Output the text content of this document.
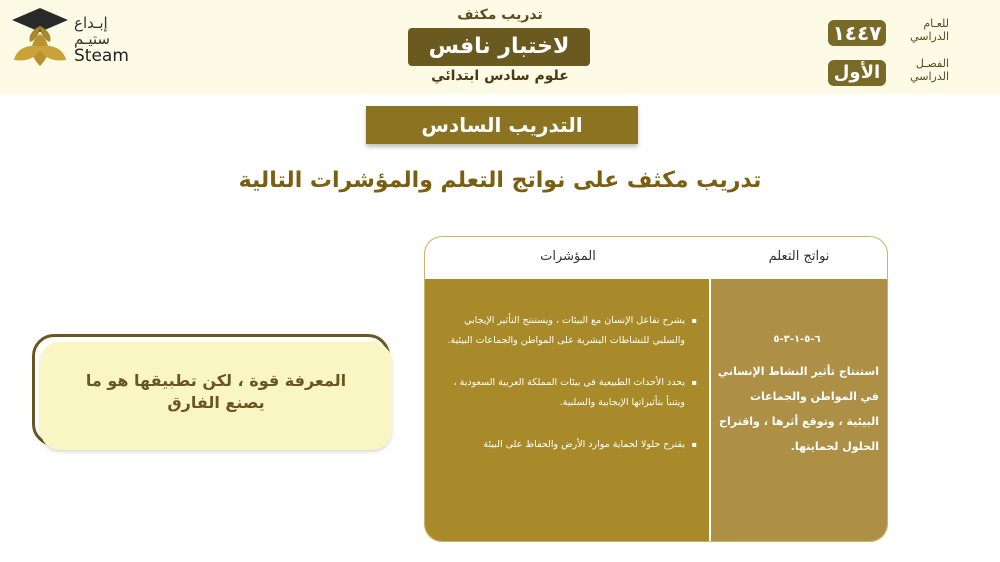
إبـداع
ستيـم
Steam
تدريب مكثف
لاختبار نافس
علوم سادس ابتدائي
١٤٤٧	للعـام
الدراسي
الأول	الفصـل
الدراسي
التدريب السادس
تدريب مكثف على نواتج التعلم والمؤشرات التالية
نواتج التعلم
المؤشرات
٦-٥-١-٣-٥
استنتاج تأثير النشاط الإنساني في المواطن والجماعات البيئية ، وتوقع أثرها ، واقتراح الحلول لحمايتها.
▪ يشرح تفاعل الإنسان مع البيئات ، ويستنتج التأثير الإيجابي والسلبي للنشاطات البشرية على المواطن والجماعات البيئية.
▪ يحدد الأحداث الطبيعية في بيئات المملكة العربية السعودية ، ويتنبأ بتأثيراتها الإيجابية والسلبية.
▪ يقترح حلولا لحماية موارد الأرض والحفاظ على البيئة
المعرفة قوة ، لكن تطبيقها هو ما
يصنع الفارق
